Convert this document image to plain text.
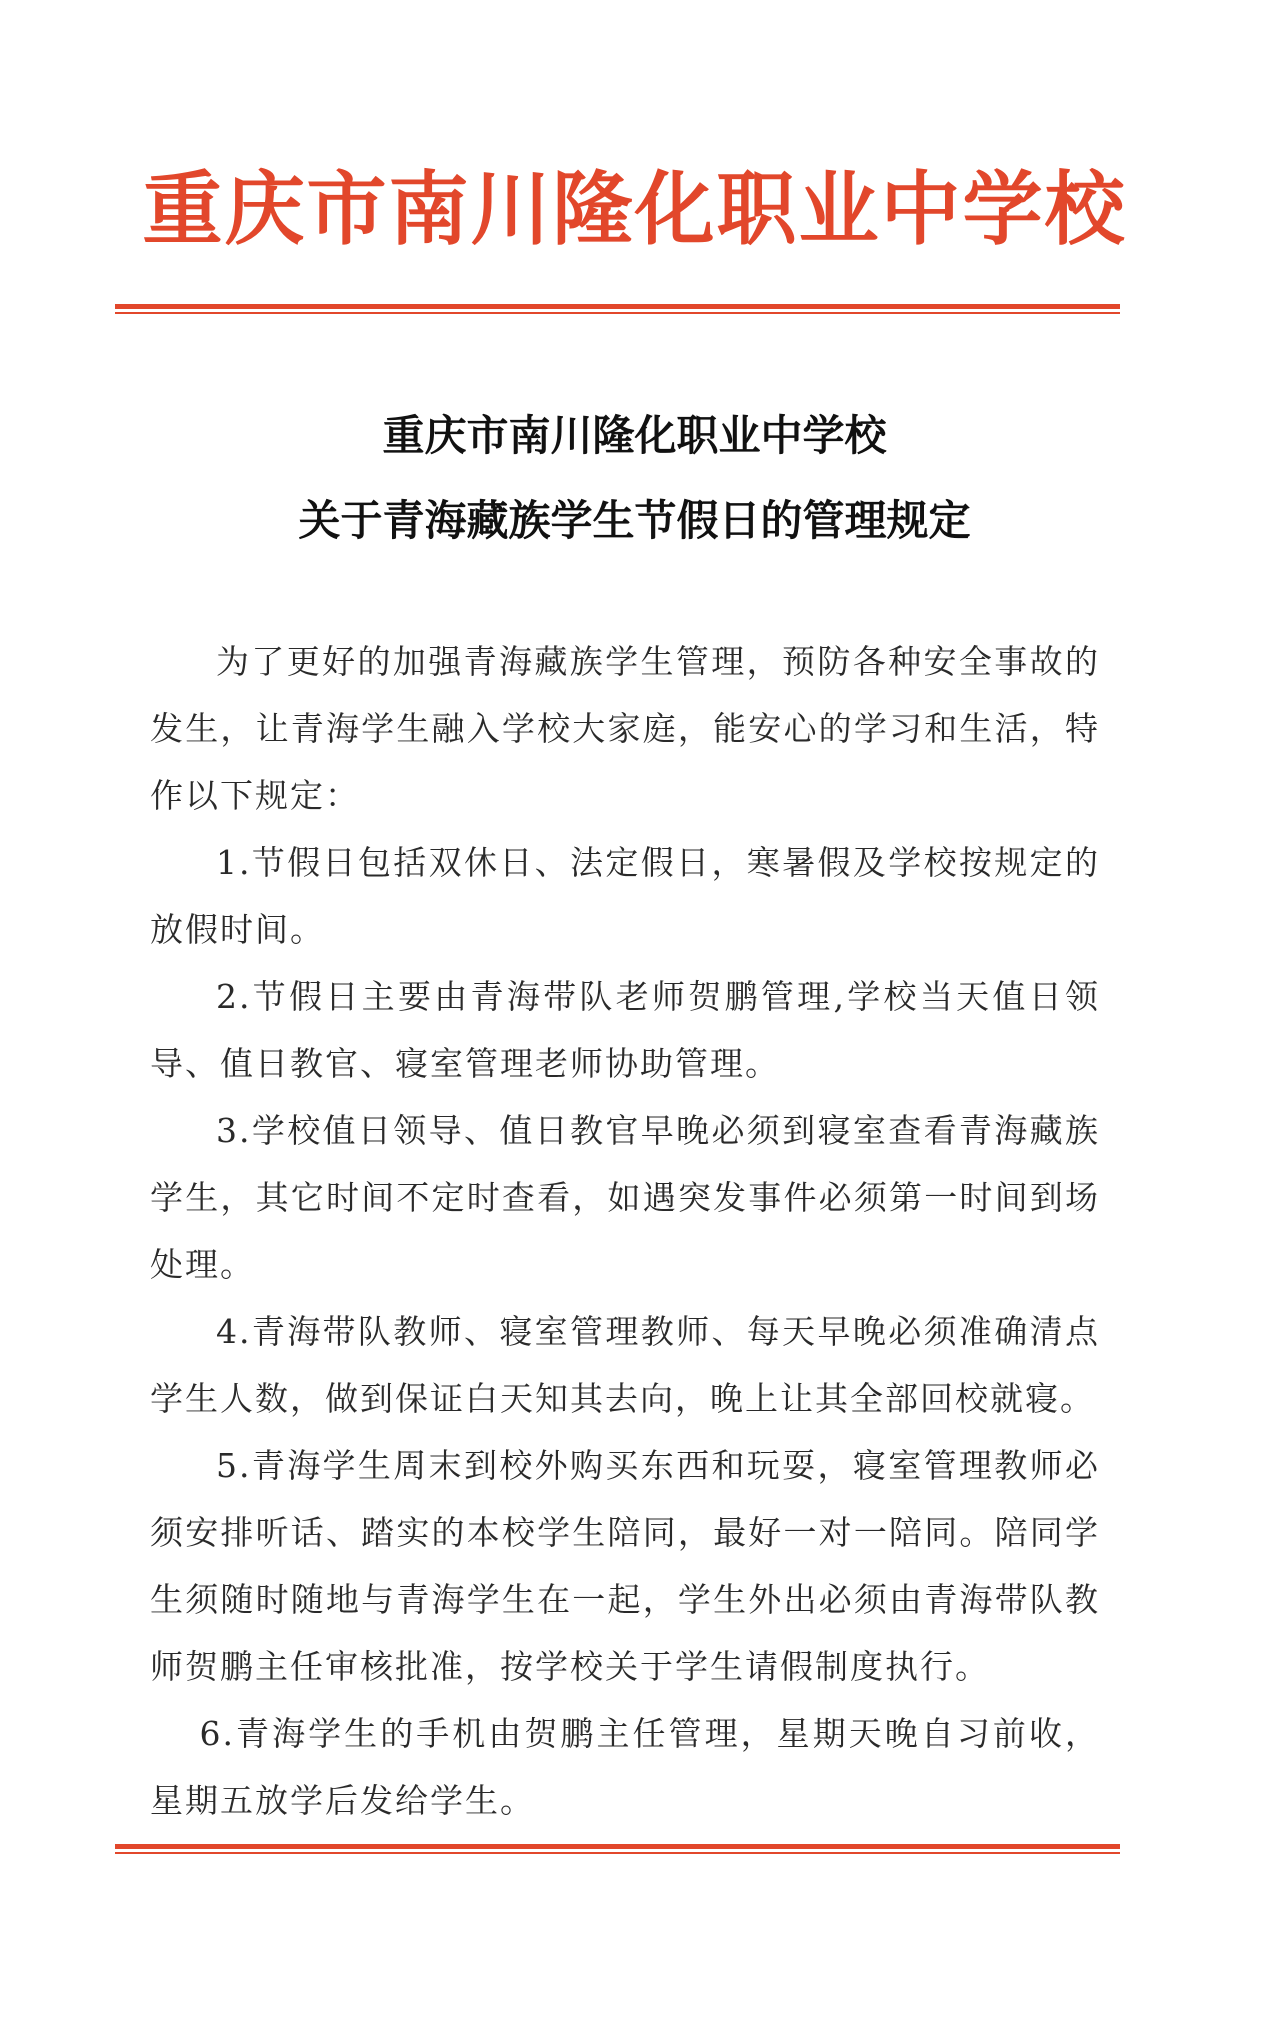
重庆市南川隆化职业中学校
重庆市南川隆化职业中学校
关于青海藏族学生节假日的管理规定

为了更好的加强青海藏族学生管理，预防各种安全事故的发生，让青海学生融入学校大家庭，能安心的学习和生活，特作以下规定：

1.节假日包括双休日、法定假日，寒暑假及学校按规定的放假时间。

2.节假日主要由青海带队老师贺鹏管理,学校当天值日领导、值日教官、寝室管理老师协助管理。

3.学校值日领导、值日教官早晚必须到寝室查看青海藏族学生，其它时间不定时查看，如遇突发事件必须第一时间到场处理。

4.青海带队教师、寝室管理教师、每天早晚必须准确清点学生人数，做到保证白天知其去向，晚上让其全部回校就寝。

5.青海学生周末到校外购买东西和玩耍，寝室管理教师必须安排听话、踏实的本校学生陪同，最好一对一陪同。陪同学生须随时随地与青海学生在一起，学生外出必须由青海带队教师贺鹏主任审核批准，按学校关于学生请假制度执行。

6.青海学生的手机由贺鹏主任管理，星期天晚自习前收，星期五放学后发给学生。
